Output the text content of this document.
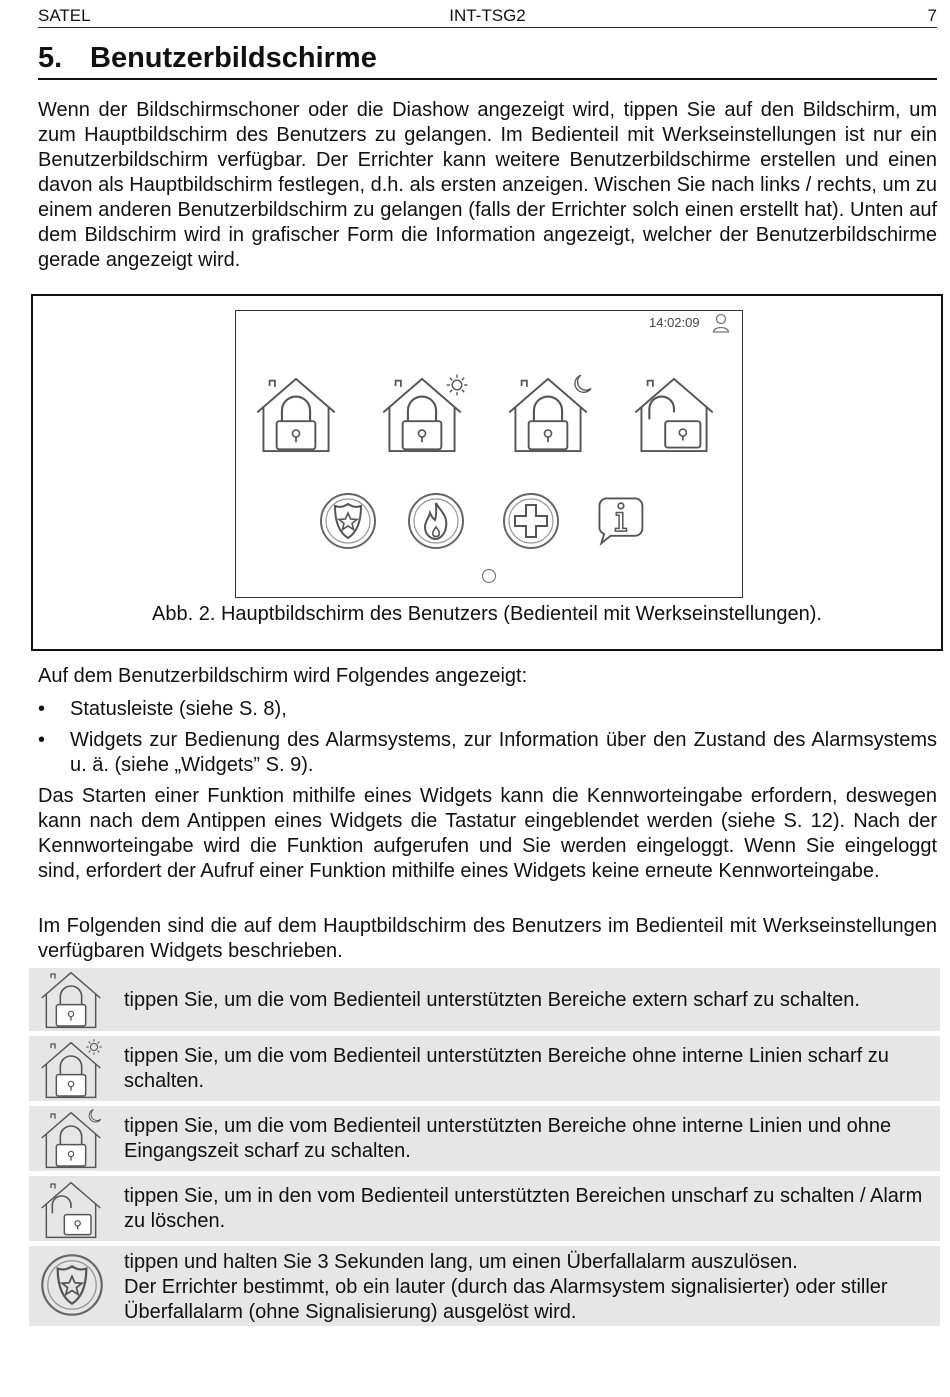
SATEL	INT-TSG2	7
5. Benutzerbildschirme

Wenn der Bildschirmschoner oder die Diashow angezeigt wird, tippen Sie auf den Bildschirm, um zum Hauptbildschirm des Benutzers zu gelangen. Im Bedienteil mit Werkseinstellungen ist nur ein Benutzerbildschirm verfügbar. Der Errichter kann weitere Benutzerbildschirme erstellen und einen davon als Hauptbildschirm festlegen, d.h. als ersten anzeigen. Wischen Sie nach links / rechts, um zu einem anderen Benutzerbildschirm zu gelangen (falls der Errichter solch einen erstellt hat). Unten auf dem Bildschirm wird in grafischer Form die Information angezeigt, welcher der Benutzerbildschirme gerade angezeigt wird.

14:02:09
Abb. 2. Hauptbildschirm des Benutzers (Bedienteil mit Werkseinstellungen).

Auf dem Benutzerbildschirm wird Folgendes angezeigt:

• Statusleiste (siehe S. 8),
• Widgets zur Bedienung des Alarmsystems, zur Information über den Zustand des Alarmsystems u. ä. (siehe „Widgets” S. 9).

Das Starten einer Funktion mithilfe eines Widgets kann die Kennworteingabe erfordern, deswegen kann nach dem Antippen eines Widgets die Tastatur eingeblendet werden (siehe S. 12). Nach der Kennworteingabe wird die Funktion aufgerufen und Sie werden eingeloggt. Wenn Sie eingeloggt sind, erfordert der Aufruf einer Funktion mithilfe eines Widgets keine erneute Kennworteingabe.

Im Folgenden sind die auf dem Hauptbildschirm des Benutzers im Bedienteil mit Werkseinstellungen verfügbaren Widgets beschrieben.

tippen Sie, um die vom Bedienteil unterstützten Bereiche extern scharf zu schalten.
tippen Sie, um die vom Bedienteil unterstützten Bereiche ohne interne Linien scharf zu schalten.
tippen Sie, um die vom Bedienteil unterstützten Bereiche ohne interne Linien und ohne Eingangszeit scharf zu schalten.
tippen Sie, um in den vom Bedienteil unterstützten Bereichen unscharf zu schalten / Alarm zu löschen.
tippen und halten Sie 3 Sekunden lang, um einen Überfallalarm auszulösen.
Der Errichter bestimmt, ob ein lauter (durch das Alarmsystem signalisierter) oder stiller Überfallalarm (ohne Signalisierung) ausgelöst wird.
